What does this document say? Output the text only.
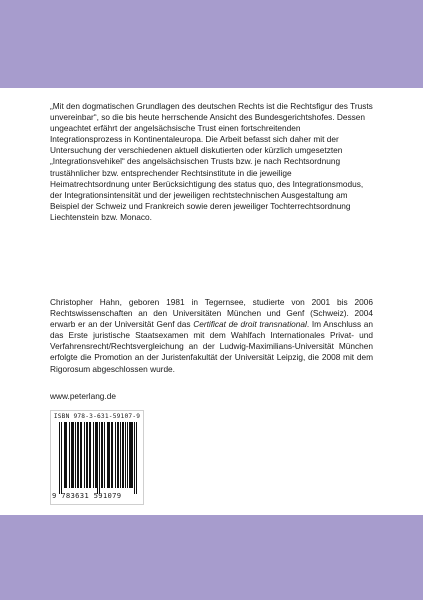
„Mit den dogmatischen Grundlagen des deutschen Rechts ist die Rechtsfigur des Trusts unvereinbar“, so die bis heute herrschende Ansicht des Bundesgerichtshofes. Dessen ungeachtet erfährt der angelsächsische Trust einen fortschreitenden Integrationsprozess in Kontinentaleuropa. Die Arbeit befasst sich daher mit der Untersuchung der verschiedenen aktuell diskutierten oder kürzlich umgesetzten „Integrationsvehikel“ des angelsächsischen Trusts bzw. je nach Rechtsordnung trustähnlicher bzw. entsprechender Rechtsinstitute in die jeweilige Heimatrechtsordnung unter Berücksichtigung des status quo, des Integrationsmodus, der Integrationsintensität und der jeweiligen rechtstechnischen Ausgestaltung am Beispiel der Schweiz und Frankreich sowie deren jeweiliger Tochterrechtsordnung Liechtenstein bzw. Monaco.

Christopher Hahn, geboren 1981 in Tegernsee, studierte von 2001 bis 2006 Rechtswissenschaften an den Universitäten München und Genf (Schweiz). 2004 erwarb er an der Universität Genf das Certificat de droit transnational. Im Anschluss an das Erste juristische Staatsexamen mit dem Wahlfach Internationales Privat- und Verfahrensrecht/Rechtsvergleichung an der Ludwig-Maximilians-Universität München erfolgte die Promotion an der Juristenfakultät der Universität Leipzig, die 2008 mit dem Rigorosum abgeschlossen wurde.

www.peterlang.de

ISBN 978-3-631-59107-9
9 783631 591079
